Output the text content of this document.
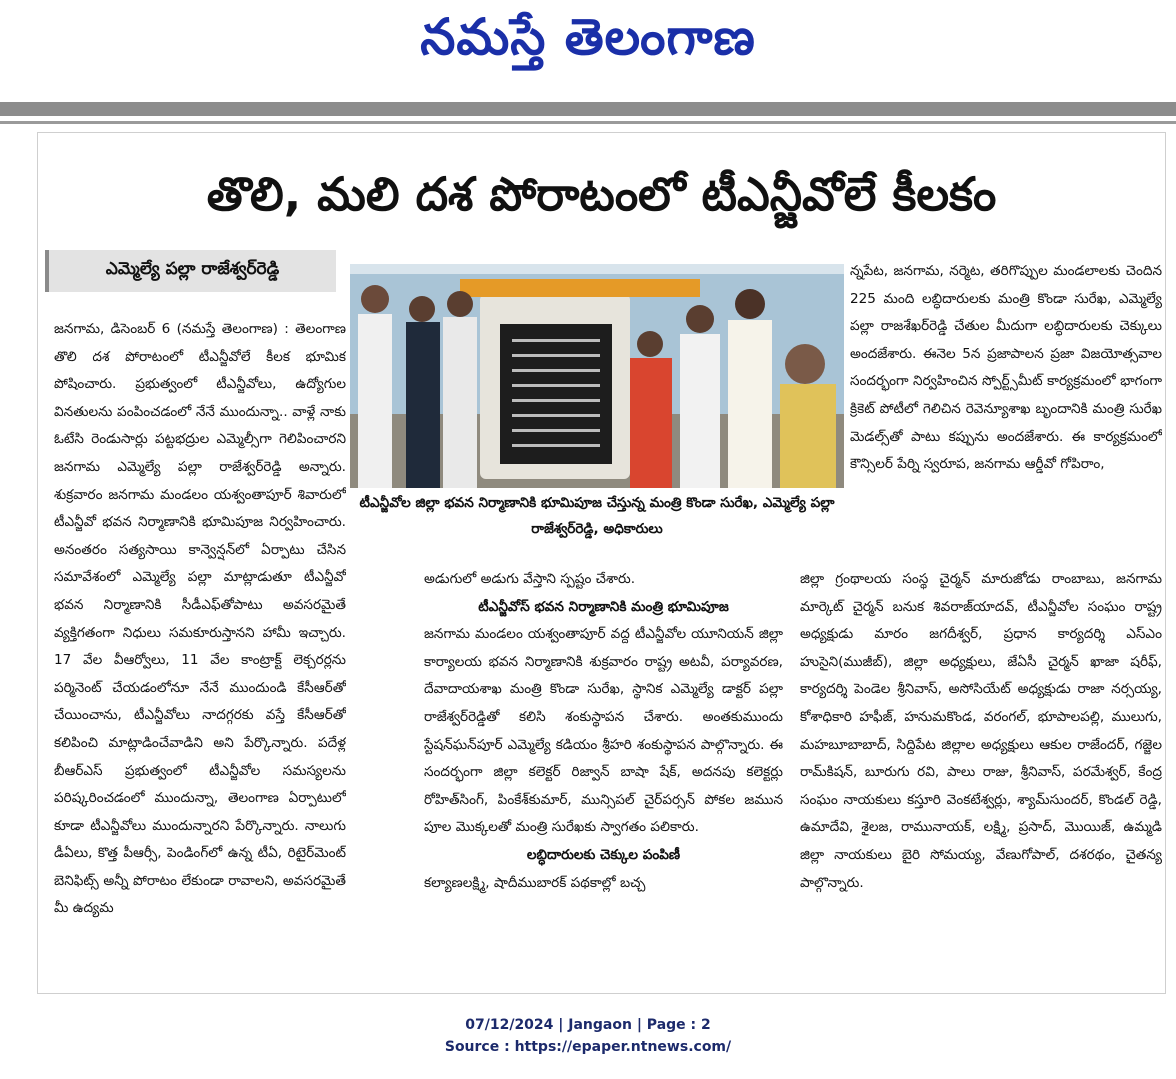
నమస్తే తెలంగాణ
తొలి, మలి దశ పోరాటంలో టీఎన్జీవోలే కీలకం
ఎమ్మెల్యే పల్లా రాజేశ్వర్‌రెడ్డి

జనగామ, డిసెంబర్ 6 (నమస్తే తెలంగాణ) : తెలంగాణ తొలి దశ పోరాటంలో టీఎన్జీవోలే కీలక భూమిక పోషించారు. ప్రభుత్వంలో టీఎన్జీవోలు, ఉద్యోగుల వినతులను పంపించడంలో నేనే ముందున్నా.. వాళ్లే నాకు ఓటేసి రెండుసార్లు పట్టభద్రుల ఎమ్మెల్సీగా గెలిపించారని జనగామ ఎమ్మెల్యే పల్లా రాజేశ్వర్‌రెడ్డి అన్నారు. శుక్రవారం జనగామ మండలం యశ్వంతాపూర్ శివారులో టీఎన్జీవో భవన నిర్మాణానికి భూమిపూజ నిర్వహించారు. అనంతరం సత్యసాయి కాన్వెన్షన్‌లో ఏర్పాటు చేసిన సమావేశంలో ఎమ్మెల్యే పల్లా మాట్లాడుతూ టీఎన్జీవో భవన నిర్మాణానికి సీడీఎఫ్‌తోపాటు అవసరమైతే వ్యక్తిగతంగా నిధులు సమకూరుస్తానని హామీ ఇచ్చారు. 17 వేల వీఆర్వోలు, 11 వేల కాంట్రాక్ట్ లెక్చరర్లను పర్మినెంట్ చేయడంలోనూ నేనే ముందుండి కేసీఆర్‌తో చేయించాను, టీఎన్జీవోలు నాదగ్గరకు వస్తే కేసీఆర్‌తో కలిపించి మాట్లాడించేవాడిని అని పేర్కొన్నారు. పదేళ్ల బీఆర్ఎస్ ప్రభుత్వంలో టీఎన్జీవోల సమస్యలను పరిష్కరించడంలో ముందున్నా, తెలంగాణ ఏర్పాటులో కూడా టీఎన్జీవోలు ముందున్నారని పేర్కొన్నారు. నాలుగు డీఏలు, కొత్త పీఆర్సీ, పెండింగ్‌లో ఉన్న టీఏ, రిటైర్‌మెంట్ బెనిఫిట్స్ అన్నీ పోరాటం లేకుండా రావాలని, అవసరమైతే మీ ఉద్యమ

టీఎన్జీవోల జిల్లా భవన నిర్మాణానికి భూమిపూజ చేస్తున్న మంత్రి కొండా సురేఖ, ఎమ్మెల్యే పల్లా రాజేశ్వర్‌రెడ్డి, అధికారులు

అడుగులో అడుగు వేస్తాని స్పష్టం చేశారు.

టీఎన్జీవోస్ భవన నిర్మాణానికి మంత్రి భూమిపూజ

జనగామ మండలం యశ్వంతాపూర్ వద్ద టీఎన్జీవోల యూనియన్ జిల్లా కార్యాలయ భవన నిర్మాణానికి శుక్రవారం రాష్ట్ర అటవీ, పర్యావరణ, దేవాదాయశాఖ మంత్రి కొండా సురేఖ, స్థానిక ఎమ్మెల్యే డాక్టర్ పల్లా రాజేశ్వర్‌రెడ్డితో కలిసి శంకుస్థాపన చేశారు. అంతకుముందు స్టేషన్‌ఘన్‌పూర్ ఎమ్మెల్యే కడియం శ్రీహరి శంకుస్థాపన పాల్గొన్నారు. ఈ సందర్భంగా జిల్లా కలెక్టర్ రిజ్వాన్ బాషా షేక్, అదనపు కలెక్టర్లు రోహిత్‌సింగ్, పింకేశ్‌కుమార్, మున్సిపల్ చైర్‌పర్సన్ పోకల జమున పూల మొక్కలతో మంత్రి సురేఖకు స్వాగతం పలికారు.

లబ్ధిదారులకు చెక్కుల పంపిణీ

కల్యాణలక్ష్మి, షాదీముబారక్ పథకాల్లో బచ్చ

న్నపేట, జనగామ, నర్మెట, తరిగొప్పుల మండలాలకు చెందిన 225 మంది లబ్ధిదారులకు మంత్రి కొండా సురేఖ, ఎమ్మెల్యే పల్లా రాజశేఖర్‌రెడ్డి చేతుల మీదుగా లబ్ధిదారులకు చెక్కులు అందజేశారు. ఈనెల 5న ప్రజాపాలన ప్రజా విజయోత్సవాల సందర్భంగా నిర్వహించిన స్పోర్ట్స్‌మీట్ కార్యక్రమంలో భాగంగా క్రికెట్ పోటీలో గెలిచిన రెవెన్యూశాఖ బృందానికి మంత్రి సురేఖ మెడల్స్‌తో పాటు కప్పును అందజేశారు. ఈ కార్యక్రమంలో కౌన్సిలర్ పేర్ని స్వరూప, జనగామ ఆర్డీవో గోపిరాం,

జిల్లా గ్రంథాలయ సంస్థ చైర్మన్ మారుజోడు రాంబాబు, జనగామ మార్కెట్ చైర్మన్ బనుక శివరాజ్‌యాదవ్, టీఎన్జీవోల సంఘం రాష్ట్ర అధ్యక్షుడు మారం జగదీశ్వర్, ప్రధాన కార్యదర్శి ఎస్ఎం హుసైని(ముజీబ్), జిల్లా అధ్యక్షులు, జేఏసీ చైర్మన్ ఖాజా షరీఫ్, కార్యదర్శి పెండెల శ్రీనివాస్, అసోసియేట్ అధ్యక్షుడు రాజా నర్సయ్య, కోశాధికారి హఫీజ్, హనుమకొండ, వరంగల్, భూపాలపల్లి, ములుగు, మహబూబాబాద్, సిద్దిపేట జిల్లాల అధ్యక్షులు ఆకుల రాజేందర్, గజ్జెల రామ్‌కిషన్, బూరుగు రవి, పాలు రాజు, శ్రీనివాస్, పరమేశ్వర్, కేంద్ర సంఘం నాయకులు కస్తూరి వెంకటేశ్వర్లు, శ్యామ్‌సుందర్, కొండల్ రెడ్డి, ఉమాదేవి, శైలజ, రామునాయక్, లక్ష్మి, ప్రసాద్, మొయిజ్, ఉమ్మడి జిల్లా నాయకులు బైరి సోమయ్య, వేణుగోపాల్, దశరథం, చైతన్య పాల్గొన్నారు.

07/12/2024 | Jangaon | Page : 2
Source : https://epaper.ntnews.com/
